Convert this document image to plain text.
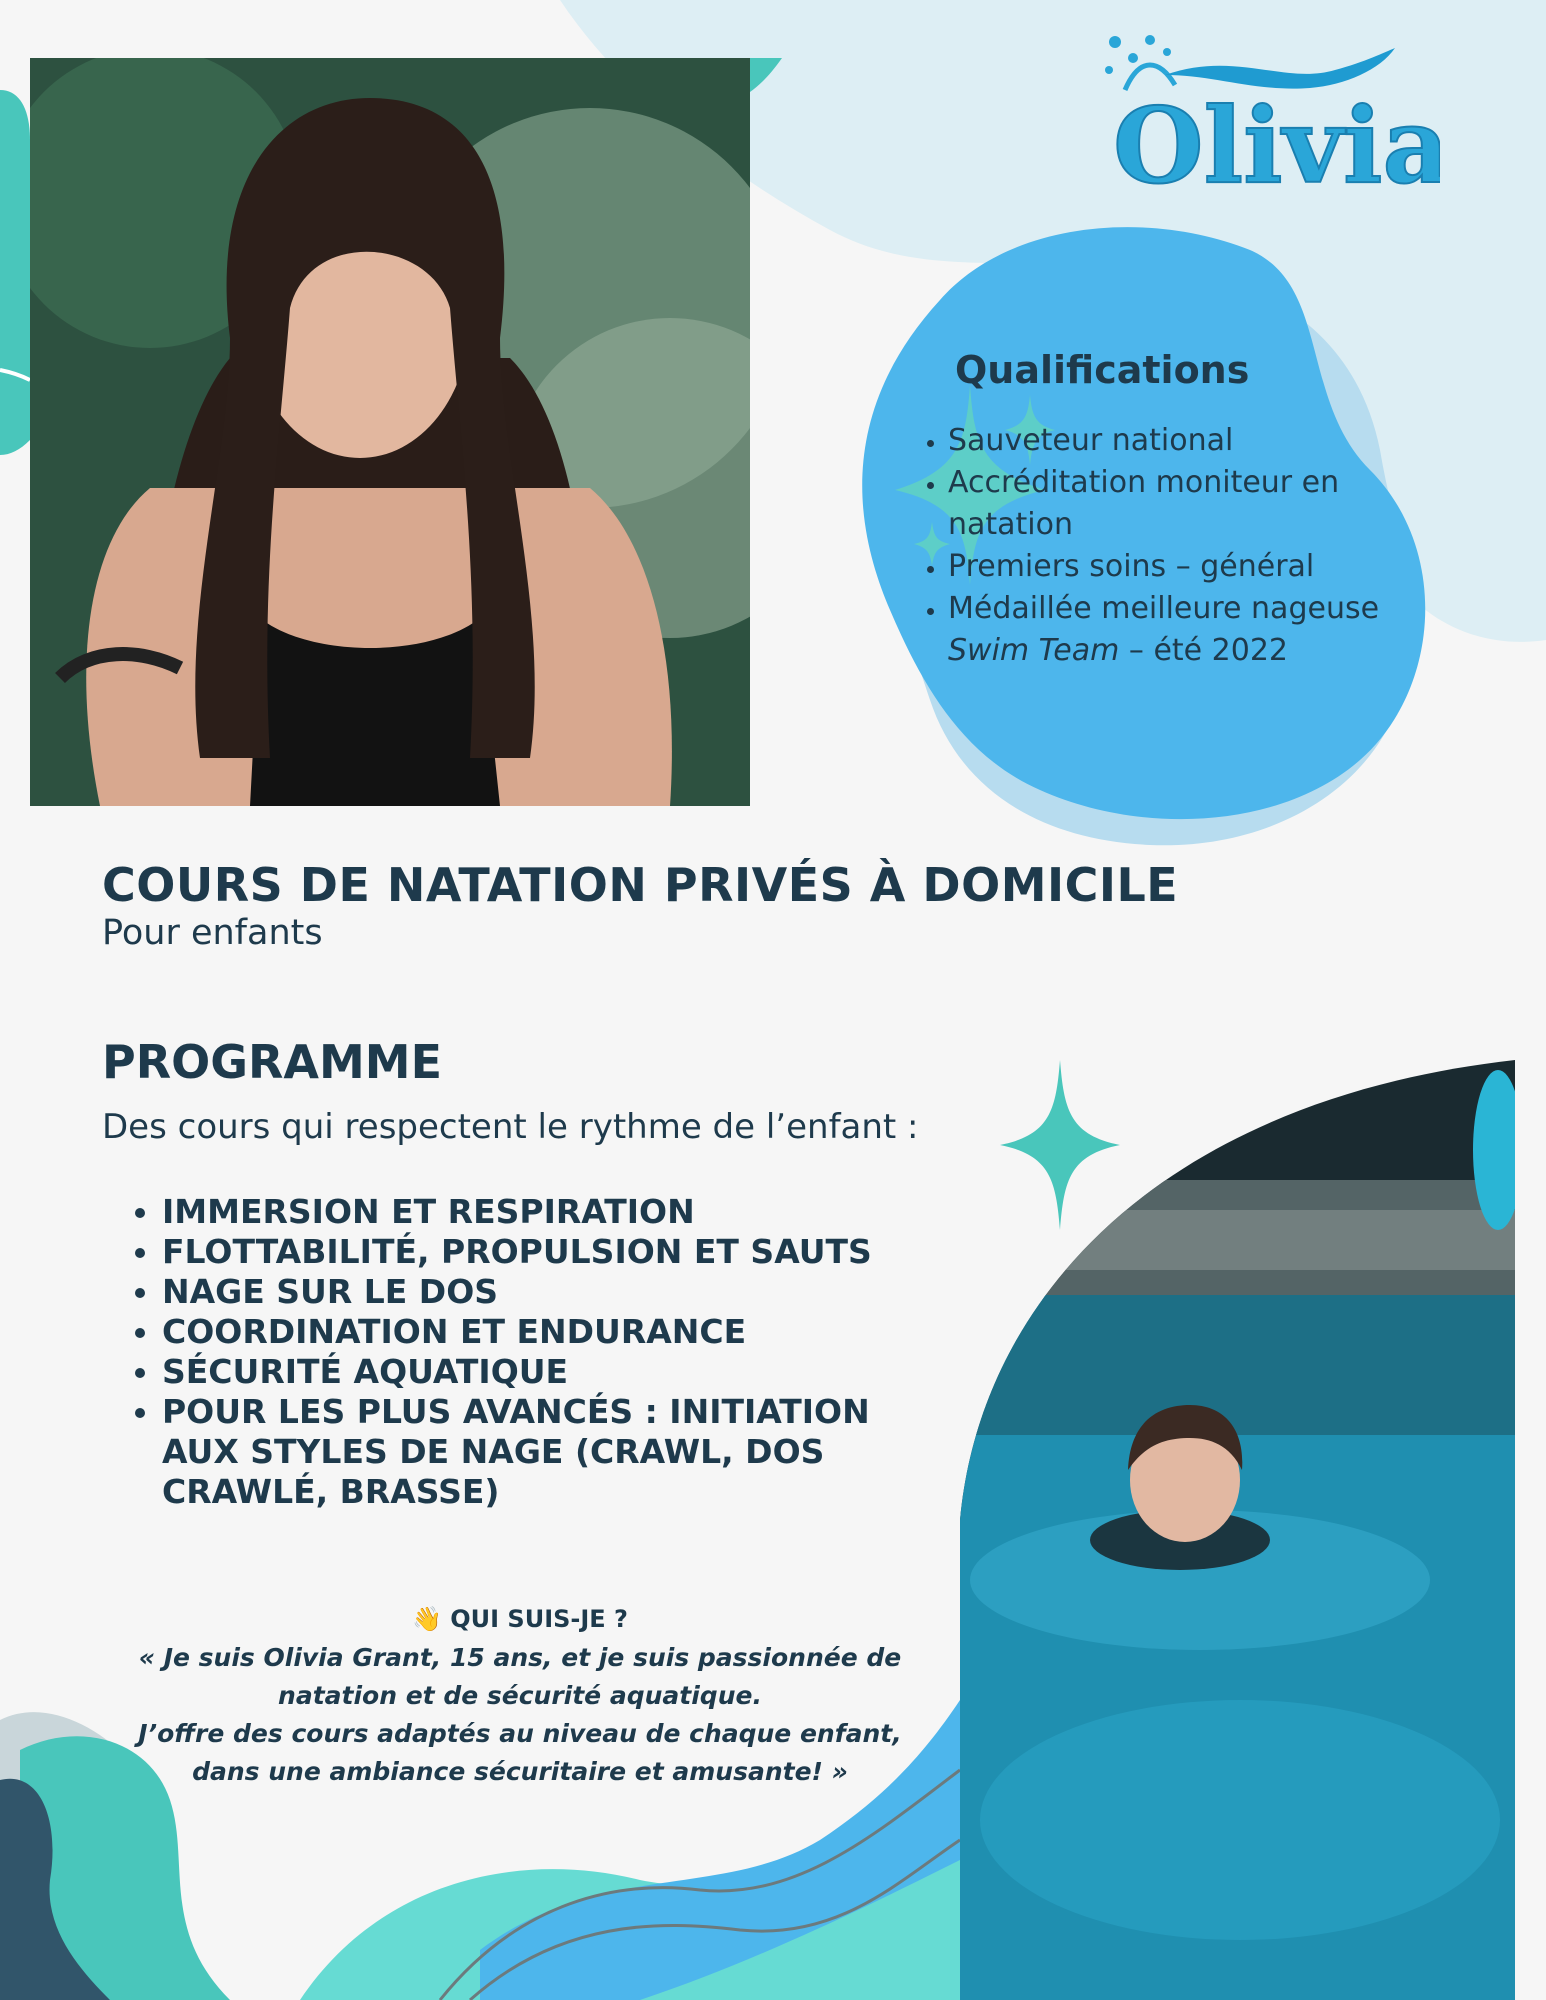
Olivia
Qualifications
• Sauveteur national
• Accréditation moniteur en natation
• Premiers soins – général
• Médaillée meilleure nageuse
Swim Team – été 2022
COURS DE NATATION PRIVÉS À DOMICILE
Pour enfants
PROGRAMME
Des cours qui respectent le rythme de l’enfant :
• IMMERSION ET RESPIRATION
• FLOTTABILITÉ, PROPULSION ET SAUTS
• NAGE SUR LE DOS
• COORDINATION ET ENDURANCE
• SÉCURITÉ AQUATIQUE
• POUR LES PLUS AVANCÉS : INITIATION AUX STYLES DE NAGE (CRAWL, DOS CRAWLÉ, BRASSE)
👋 QUI SUIS-JE ?
« Je suis Olivia Grant, 15 ans, et je suis passionnée de
natation et de sécurité aquatique.
J’offre des cours adaptés au niveau de chaque enfant,
dans une ambiance sécuritaire et amusante! »
